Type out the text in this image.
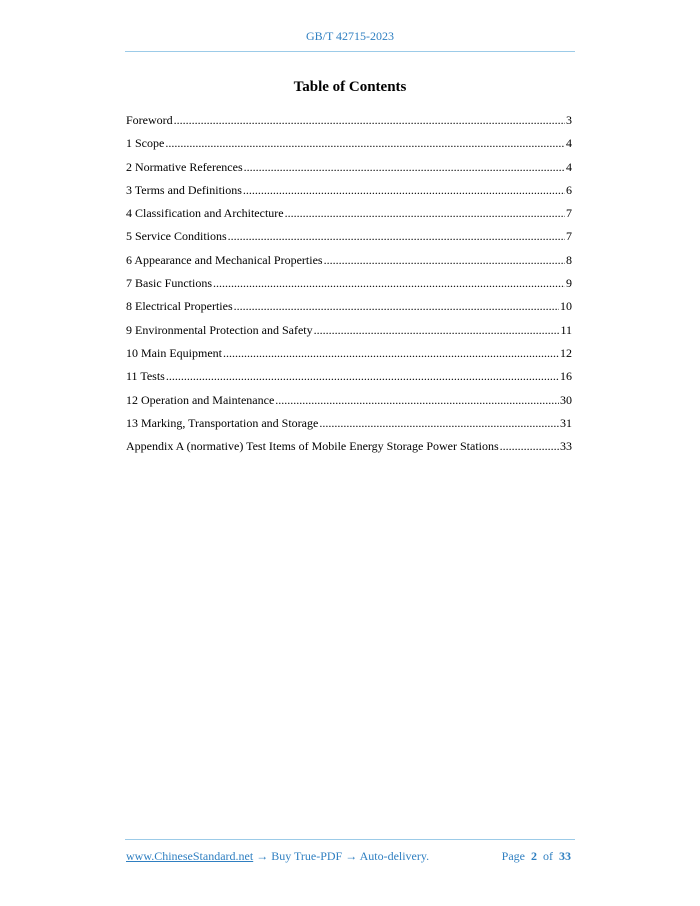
GB/T 42715-2023
Table of Contents
Foreword .....	3
1 Scope .....	4
2 Normative References .....	4
3 Terms and Definitions .....	6
4 Classification and Architecture .....	7
5 Service Conditions .....	7
6 Appearance and Mechanical Properties .....	8
7 Basic Functions .....	9
8 Electrical Properties .....	10
9 Environmental Protection and Safety .....	11
10 Main Equipment .....	12
11 Tests .....	16
12 Operation and Maintenance .....	30
13 Marking, Transportation and Storage .....	31
Appendix A (normative) Test Items of Mobile Energy Storage Power Stations .....	33
www.ChineseStandard.net → Buy True-PDF → Auto-delivery.	Page 2 of 33
